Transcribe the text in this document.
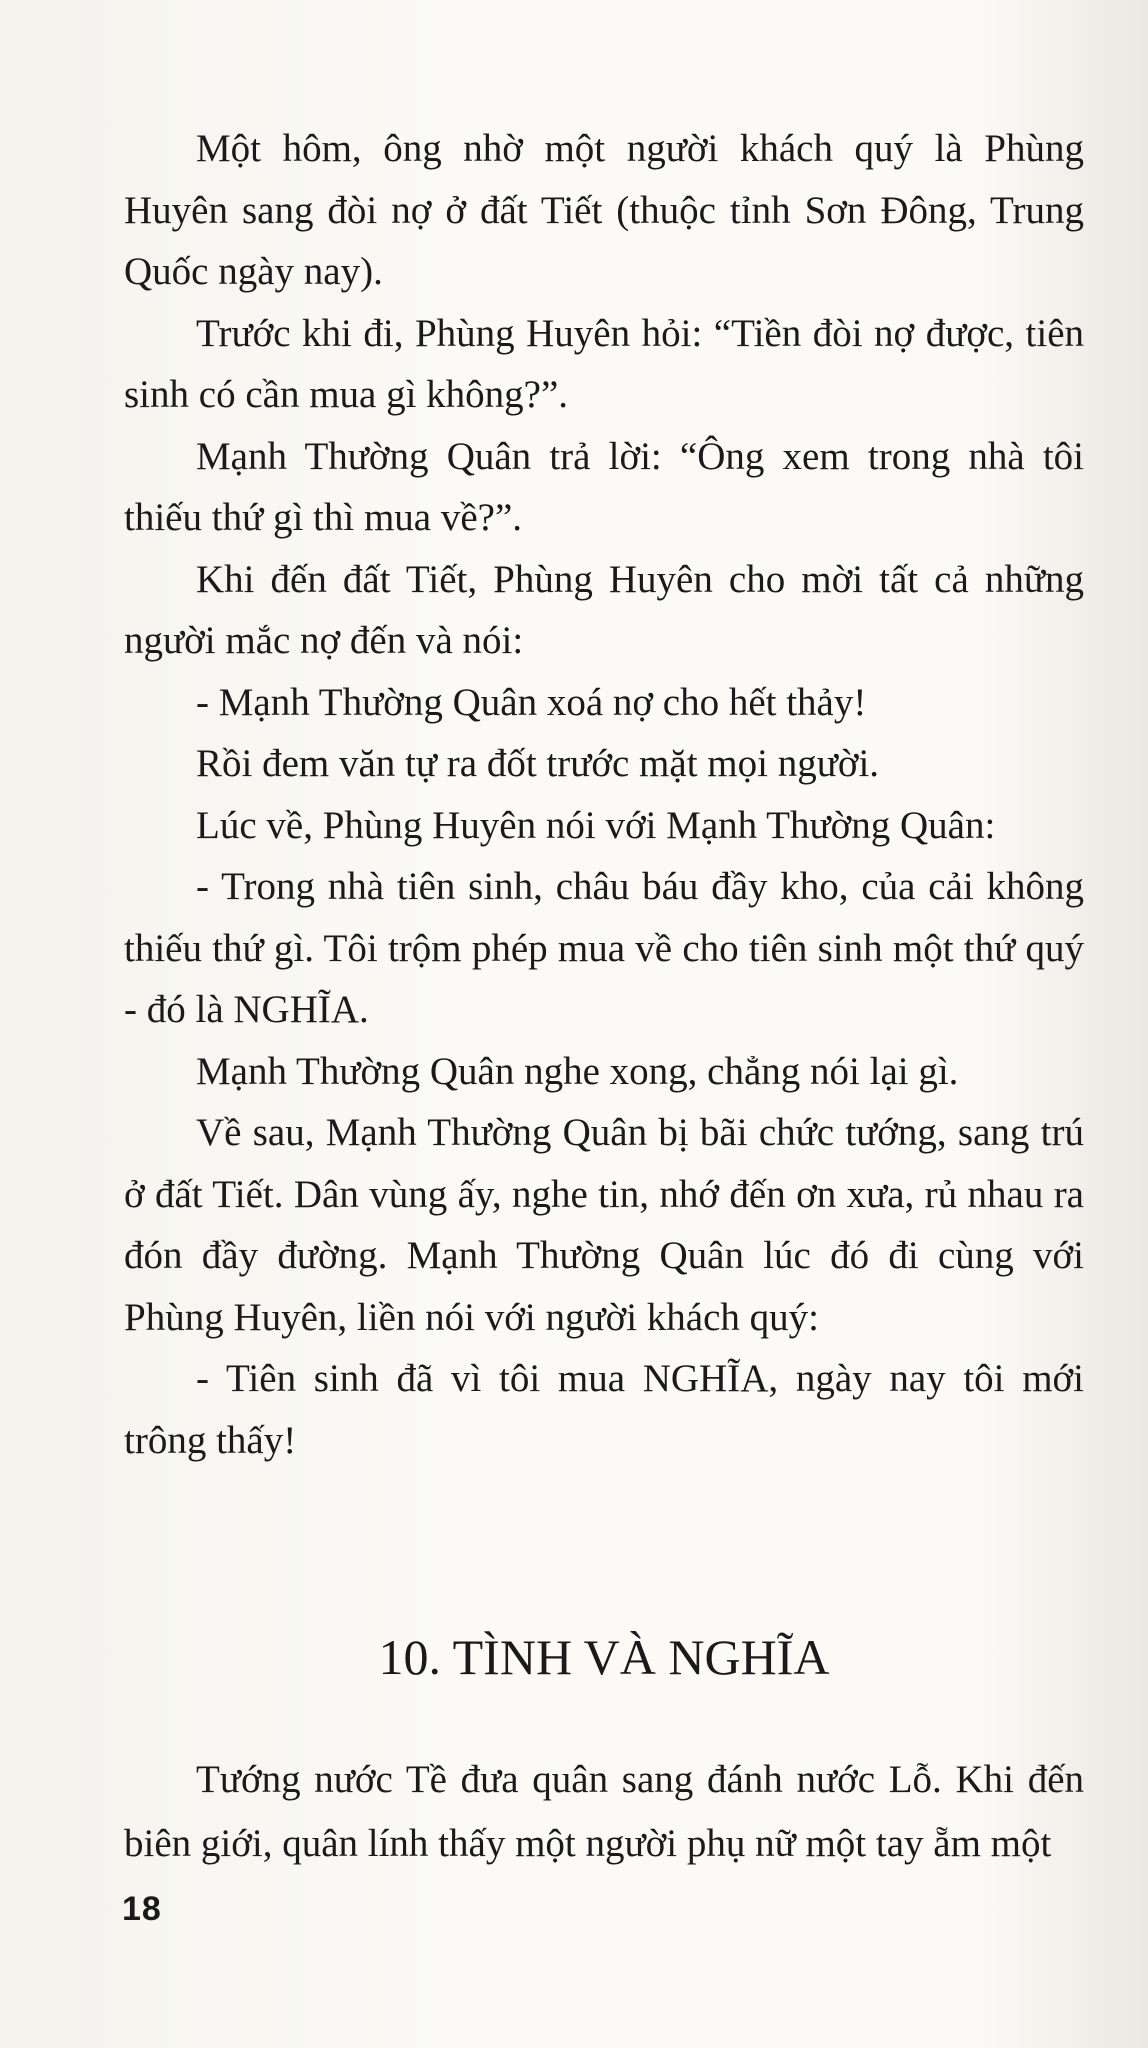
Một hôm, ông nhờ một người khách quý là Phùng Huyên sang đòi nợ ở đất Tiết (thuộc tỉnh Sơn Đông, Trung Quốc ngày nay).

Trước khi đi, Phùng Huyên hỏi: “Tiền đòi nợ được, tiên sinh có cần mua gì không?”.

Mạnh Thường Quân trả lời: “Ông xem trong nhà tôi thiếu thứ gì thì mua về?”.

Khi đến đất Tiết, Phùng Huyên cho mời tất cả những người mắc nợ đến và nói:

- Mạnh Thường Quân xoá nợ cho hết thảy!

Rồi đem văn tự ra đốt trước mặt mọi người.

Lúc về, Phùng Huyên nói với Mạnh Thường Quân:

- Trong nhà tiên sinh, châu báu đầy kho, của cải không thiếu thứ gì. Tôi trộm phép mua về cho tiên sinh một thứ quý - đó là NGHĨA.

Mạnh Thường Quân nghe xong, chẳng nói lại gì.

Về sau, Mạnh Thường Quân bị bãi chức tướng, sang trú ở đất Tiết. Dân vùng ấy, nghe tin, nhớ đến ơn xưa, rủ nhau ra đón đầy đường. Mạnh Thường Quân lúc đó đi cùng với Phùng Huyên, liền nói với người khách quý:

- Tiên sinh đã vì tôi mua NGHĨA, ngày nay tôi mới trông thấy!

10. TÌNH VÀ NGHĨA

Tướng nước Tề đưa quân sang đánh nước Lỗ. Khi đến biên giới, quân lính thấy một người phụ nữ một tay ẵm một

18
